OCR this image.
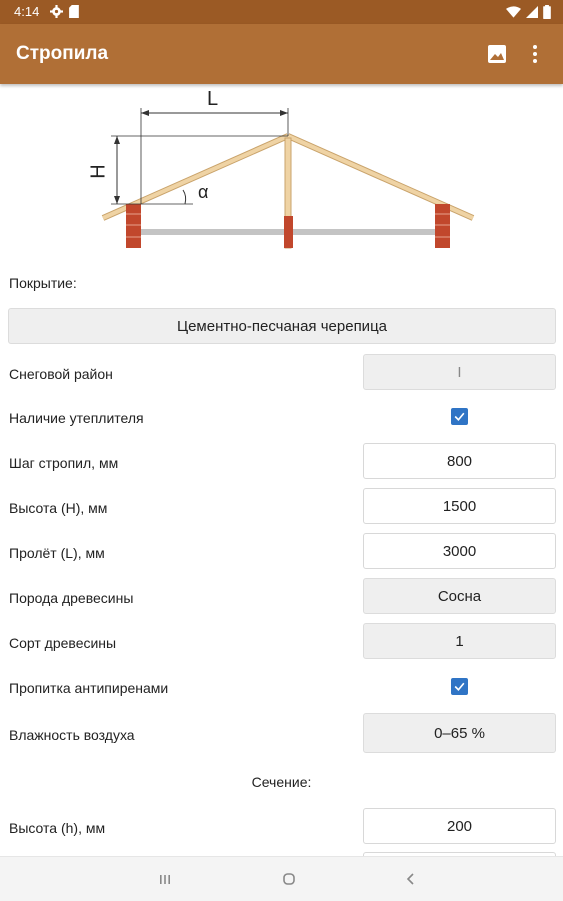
4:14
Стропила
L
H
α
Покрытие:
Цементно-песчаная черепица
Снеговой район	I
Наличие утеплителя
Шаг стропил, мм	800
Высота (H), мм	1500
Пролёт (L), мм	3000
Порода древесины	Сосна
Сорт древесины	1
Пропитка антипиренами
Влажность воздуха	0–65 %
Сечение:
Высота (h), мм	200
